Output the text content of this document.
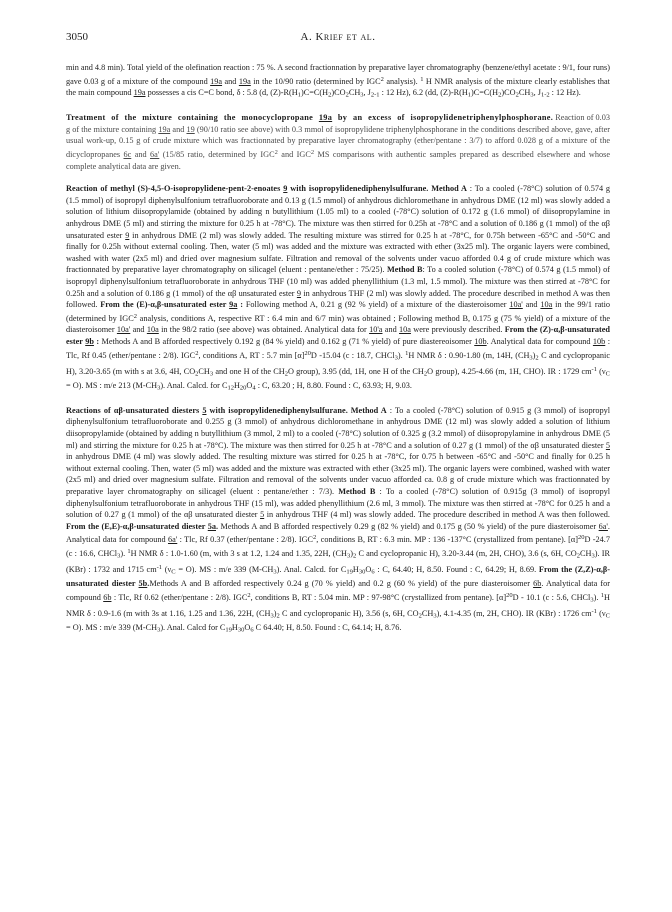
3050	A. Krief et al.

min and 4.8 min). Total yield of the olefination reaction : 75 %. A second fractionnation by preparative layer chromatography (benzene/ethyl acetate : 9/1, four runs) gave 0.03 g of a mixture of the compound 19a and 19a in the 10/90 ratio (determined by IGC$^2$ analysis). $^1$ H NMR analysis of the mixture clearly establishes that the main compound 19a possesses a cis C=C bond, δ : 5.8 (d, $(Z)-R(H_1)C=C(H_2)CO_2CH_3$, $J_{2-1}$ : 12 Hz), 6.2 (dd, $(Z)-R(H_1)C=C(H_2)CO_2CH_3$, $J_{1-2}$ : 12 Hz).

Treatment of the mixture containing the monocyclopropane 19a by an excess of isopropylidenetriphenylphosphorane. Reaction of 0.03 g of the mixture containing 19a and 19 (90/10 ratio see above) with 0.3 mmol of isopropylidene triphenylphosphorane in the conditions described above, gave, after usual work-up, 0.15 g of crude mixture which was fractionnated by preparative layer chromatography (ether/pentane : 3/7) to afford 0.028 g of a mixture of the dicyclopropanes 6c and 6a' (15/85 ratio, determined by IGC$^2$ and IGC$^2$ MS comparisons with authentic samples prepared as described elsewhere and whose complete analytical data are given.

Reaction of methyl (S)-4,5-O-isopropylidene-pent-2-enoates 9 with isopropylidenediphenylsulfurane. Method A : To a cooled (-78°C) solution of 0.574 g (1.5 mmol) of isopropyl diphenylsulfonium tetrafluoroborate and 0.13 g (1.5 mmol) of anhydrous dichloromethane in anhydrous DME (12 ml) was slowly added a solution of lithium diisopropylamide (obtained by adding n butyllithium (1.05 ml) to a cooled (-78°C) solution of 0.172 g (1.6 mmol) of diisopropylamine in anhydrous DME (5 ml) and stirring the mixture for 0.25 h at -78°C). The mixture was then stirred for 0.25h at -78°C and a solution of 0.186 g (1 mmol) of the αβ unsaturated ester 9 in anhydrous DME (2 ml) was slowly added. The resulting mixture was stirred for 0.25 h at -78°C, for 0.75h between -65°C and -50°C and finally for 0.25h without external cooling. Then, water (5 ml) was added and the mixture was extracted with ether (3x25 ml). The organic layers were combined, washed with water (2x5 ml) and dried over magnesium sulfate. Filtration and removal of the solvents under vacuo afforded 0.4 g of crude mixture which was fractionnated by preparative layer chromatography on silicagel (eluent : pentane/ether : 75/25). Method B: To a cooled solution (-78°C) of 0.574 g (1.5 mmol) of isopropyl diphenylsulfonium tetrafluoroborate in anhydrous THF (10 ml) was added phenyllithium (1.3 ml, 1.5 mmol). The mixture was then stirred at -78°C for 0.25h and a solution of 0.186 g (1 mmol) of the αβ unsaturated ester 9 in anhydrous THF (2 ml) was slowly added. The procedure described in method A was then followed. From the (E)-α,β-unsaturated ester 9a : Following method A, 0.21 g (92 % yield) of a mixture of the diasteroisomer 10a' and 10a in the 99/1 ratio (determined by IGC$^2$ analysis, conditions A, respective RT : 6.4 min and 6/7 min) was obtained ; Following method B, 0.175 g (75 % yield) of a mixture of the diasteroisomer 10a' and 10a in the 98/2 ratio (see above) was obtained. Analytical data for 10'a and 10a were previously described. From the (Z)-α,β-unsaturated ester 9b : Methods A and B afforded respectively 0.192 g (84 % yield) and 0.162 g (71 % yield) of pure diastereoisomer 10b. Analytical data for compound 10b : Tlc, Rf 0.45 (ether/pentane : 2/8). IGC$^2$, conditions A, RT : 5.7 $\min [\alpha]^{20}D$ -15.04 (c : 18.7, CHCl$_3$). $^1$H NMR δ : 0.90-1.80 (m, 14H, $(CH_3)_2$ C and cyclopropanic H), 3.20-3.65 (m with s at 3.6, 4H, $CO_2CH_3$ and one H of the $CH_2O$ group), 3.95 (dd, 1H, one H of the $CH_2O$ group), 4.25-4.66 (m, 1H, CHO). IR : 1729 $cm^{-1}$ $(\nu_C = O)$. MS : m/e 213 $(M-CH_3)$. Anal. Calcd. for $C_{12}H_{20}O_4$ : C, 63.20 ; H, 8.80. Found : C, 63.93; H, 9.03.

Reactions of αβ-unsaturated diesters 5 with isopropylidenediphenylsulfurane. Method A : To a cooled (-78°C) solution of 0.915 g (3 mmol) of isopropyl diphenylsulfonium tetrafluoroborate and 0.255 g (3 mmol) of anhydrous dichloromethane in anhydrous DME (12 ml) was slowly added a solution of lithium diisopropylamide (obtained by adding n butyllithium (3 mmol, 2 ml) to a cooled (-78°C) solution of 0.325 g (3.2 mmol) of diisopropylamine in anhydrous DME (5 ml) and stirring the mixture for 0.25 h at -78°C). The mixture was then stirred for 0.25 h at -78°C and a solution of 0.27 g (1 mmol) of the αβ unsaturated diester 5 in anhydrous DME (4 ml) was slowly added. The resulting mixture was stirred for 0.25 h at -78°C, for 0.75 h between -65°C and -50°C and finally for 0.25 h without external cooling. Then, water (5 ml) was added and the mixture was extracted with ether (3x25 ml). The organic layers were combined, washed with water (2x5 ml) and dried over magnesium sulfate. Filtration and removal of the solvents under vacuo afforded ca. 0.8 g of crude mixture which was fractionnated by preparative layer chromatography on silicagel (eluent : pentane/ether : 7/3). Method B : To a cooled (-78°C) solution of 0.915g (3 mmol) of isopropyl diphenylsulfonium tetrafluoroborate in anhydrous THF (15 ml), was added phenyllithium (2.6 ml, 3 mmol). The mixture was then stirred at -78°C for 0.25 h and a solution of 0.27 g (1 mmol) of the αβ unsaturated diester 5 in anhydrous THF (4 ml) was slowly added. The procedure described in method A was then followed. From the (E,E)-α,β-unsaturated diester 5a. Methods A and B afforded respectively 0.29 g (82 % yield) and 0.175 g (50 % yield) of the pure diasteroisomer 6a'. Analytical data for compound 6a' : Tlc, Rf 0.37 (ether/pentane : 2/8). IGC$^2$, conditions B, RT : 6.3 min. MP : 136 -137°C (crystallized from pentane). $[\alpha]^{20}D$ -24.7 (c : 16.6, CHCl$_3$). $^1$H NMR δ : 1.0-1.60 (m, with 3 s at 1.2, 1.24 and 1.35, 22H, $(CH_3)_2$ C and cyclopropanic H), 3.20-3.44 (m, 2H, CHO), 3.6 (s, 6H, $CO_2CH_3$). IR (KBr) : 1732 and 1715 $cm^{-1}$ $(\nu_C = O)$. MS : m/e 339 $(M-CH_3)$. Anal. Calcd. for $C_{19}H_{30}O_6$ : C, 64.40; H, 8.50. Found : C, 64.29; H, 8.69. From the (Z,Z)-α,β-unsaturated diester 5b.Methods A and B afforded respectively 0.24 g (70 % yield) and 0.2 g (60 % yield) of the pure diasteroisomer 6b. Analytical data for compound 6b : Tlc, Rf 0.62 (ether/pentane : 2/8). IGC$^2$, conditions B, RT : 5.04 min. MP : 97-98°C (crystallized from pentane). $[\alpha]^{20}D - 10.1$ (c : 5.6, CHCl$_3$). $^1$H NMR δ : 0.9-1.6 (m with 3s at 1.16, 1.25 and 1.36, 22H, $(CH_3)_2$ C and cyclopropanic H), 3.56 (s, 6H, $CO_2CH_3$), 4.1-4.35 (m, 2H, CHO). IR (KBr) : 1726 $cm^{-1}$ $(\nu_C = O)$. MS : m/e 339 $(M-CH_3)$. Anal. Calcd for $C_{19}H_{30}O_6$ C 64.40; H, 8.50. Found : C, 64.14; H, 8.76.
